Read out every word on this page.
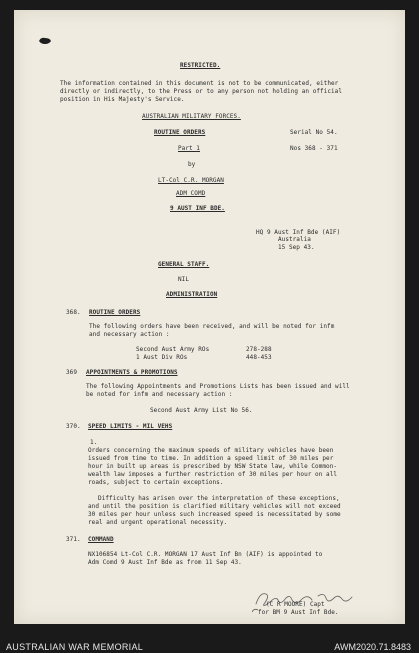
RESTRICTED.
The information contained in this document is not to be communicated, either
directly or indirectly, to the Press or to any person not holding an official
position in His Majesty's Service.
AUSTRALIAN MILITARY FORCES.
ROUTINE ORDERS	Serial No 54.
Part 1	Nos 368 - 371
by
LT-Col C.R. MORGAN
ADM COMD
9 AUST INF BDE.
HQ 9 Aust Inf Bde (AIF)
Australia
15 Sep 43.
GENERAL STAFF.
NIL
ADMINISTRATION
368. ROUTINE ORDERS
The following orders have been received, and will be noted for infm
and necessary action :
Second Aust Army ROs	278-288
1 Aust Div ROs	448-453
369 APPOINTMENTS & PROMOTIONS
The following Appointments and Promotions Lists has been issued and will
be noted for infm and necessary action :
Second Aust Army List No 56.
370. SPEED LIMITS - MIL VEHS
1.
Orders concerning the maximum speeds of military vehicles have been
issued from time to time. In addition a speed limit of 30 miles per
hour in built up areas is prescribed by NSW State law, while Common-
wealth law imposes a further restriction of 30 miles per hour on all
roads, subject to certain exceptions.
Difficulty has arisen over the interpretation of these exceptions,
and until the position is clarified military vehicles will not exceed
30 miles per hour unless such increased speed is necessitated by some
real and urgent operational necessity.
371. COMMAND
NX106854 Lt-Col C.R. MORGAN 17 Aust Inf Bn (AIF) is appointed to
Adm Comd 9 Aust Inf Bde as from 11 Sep 43.
(C R MOORE) Capt
for BM 9 Aust Inf Bde.
AUSTRALIAN WAR MEMORIAL	AWM2020.71.8483
